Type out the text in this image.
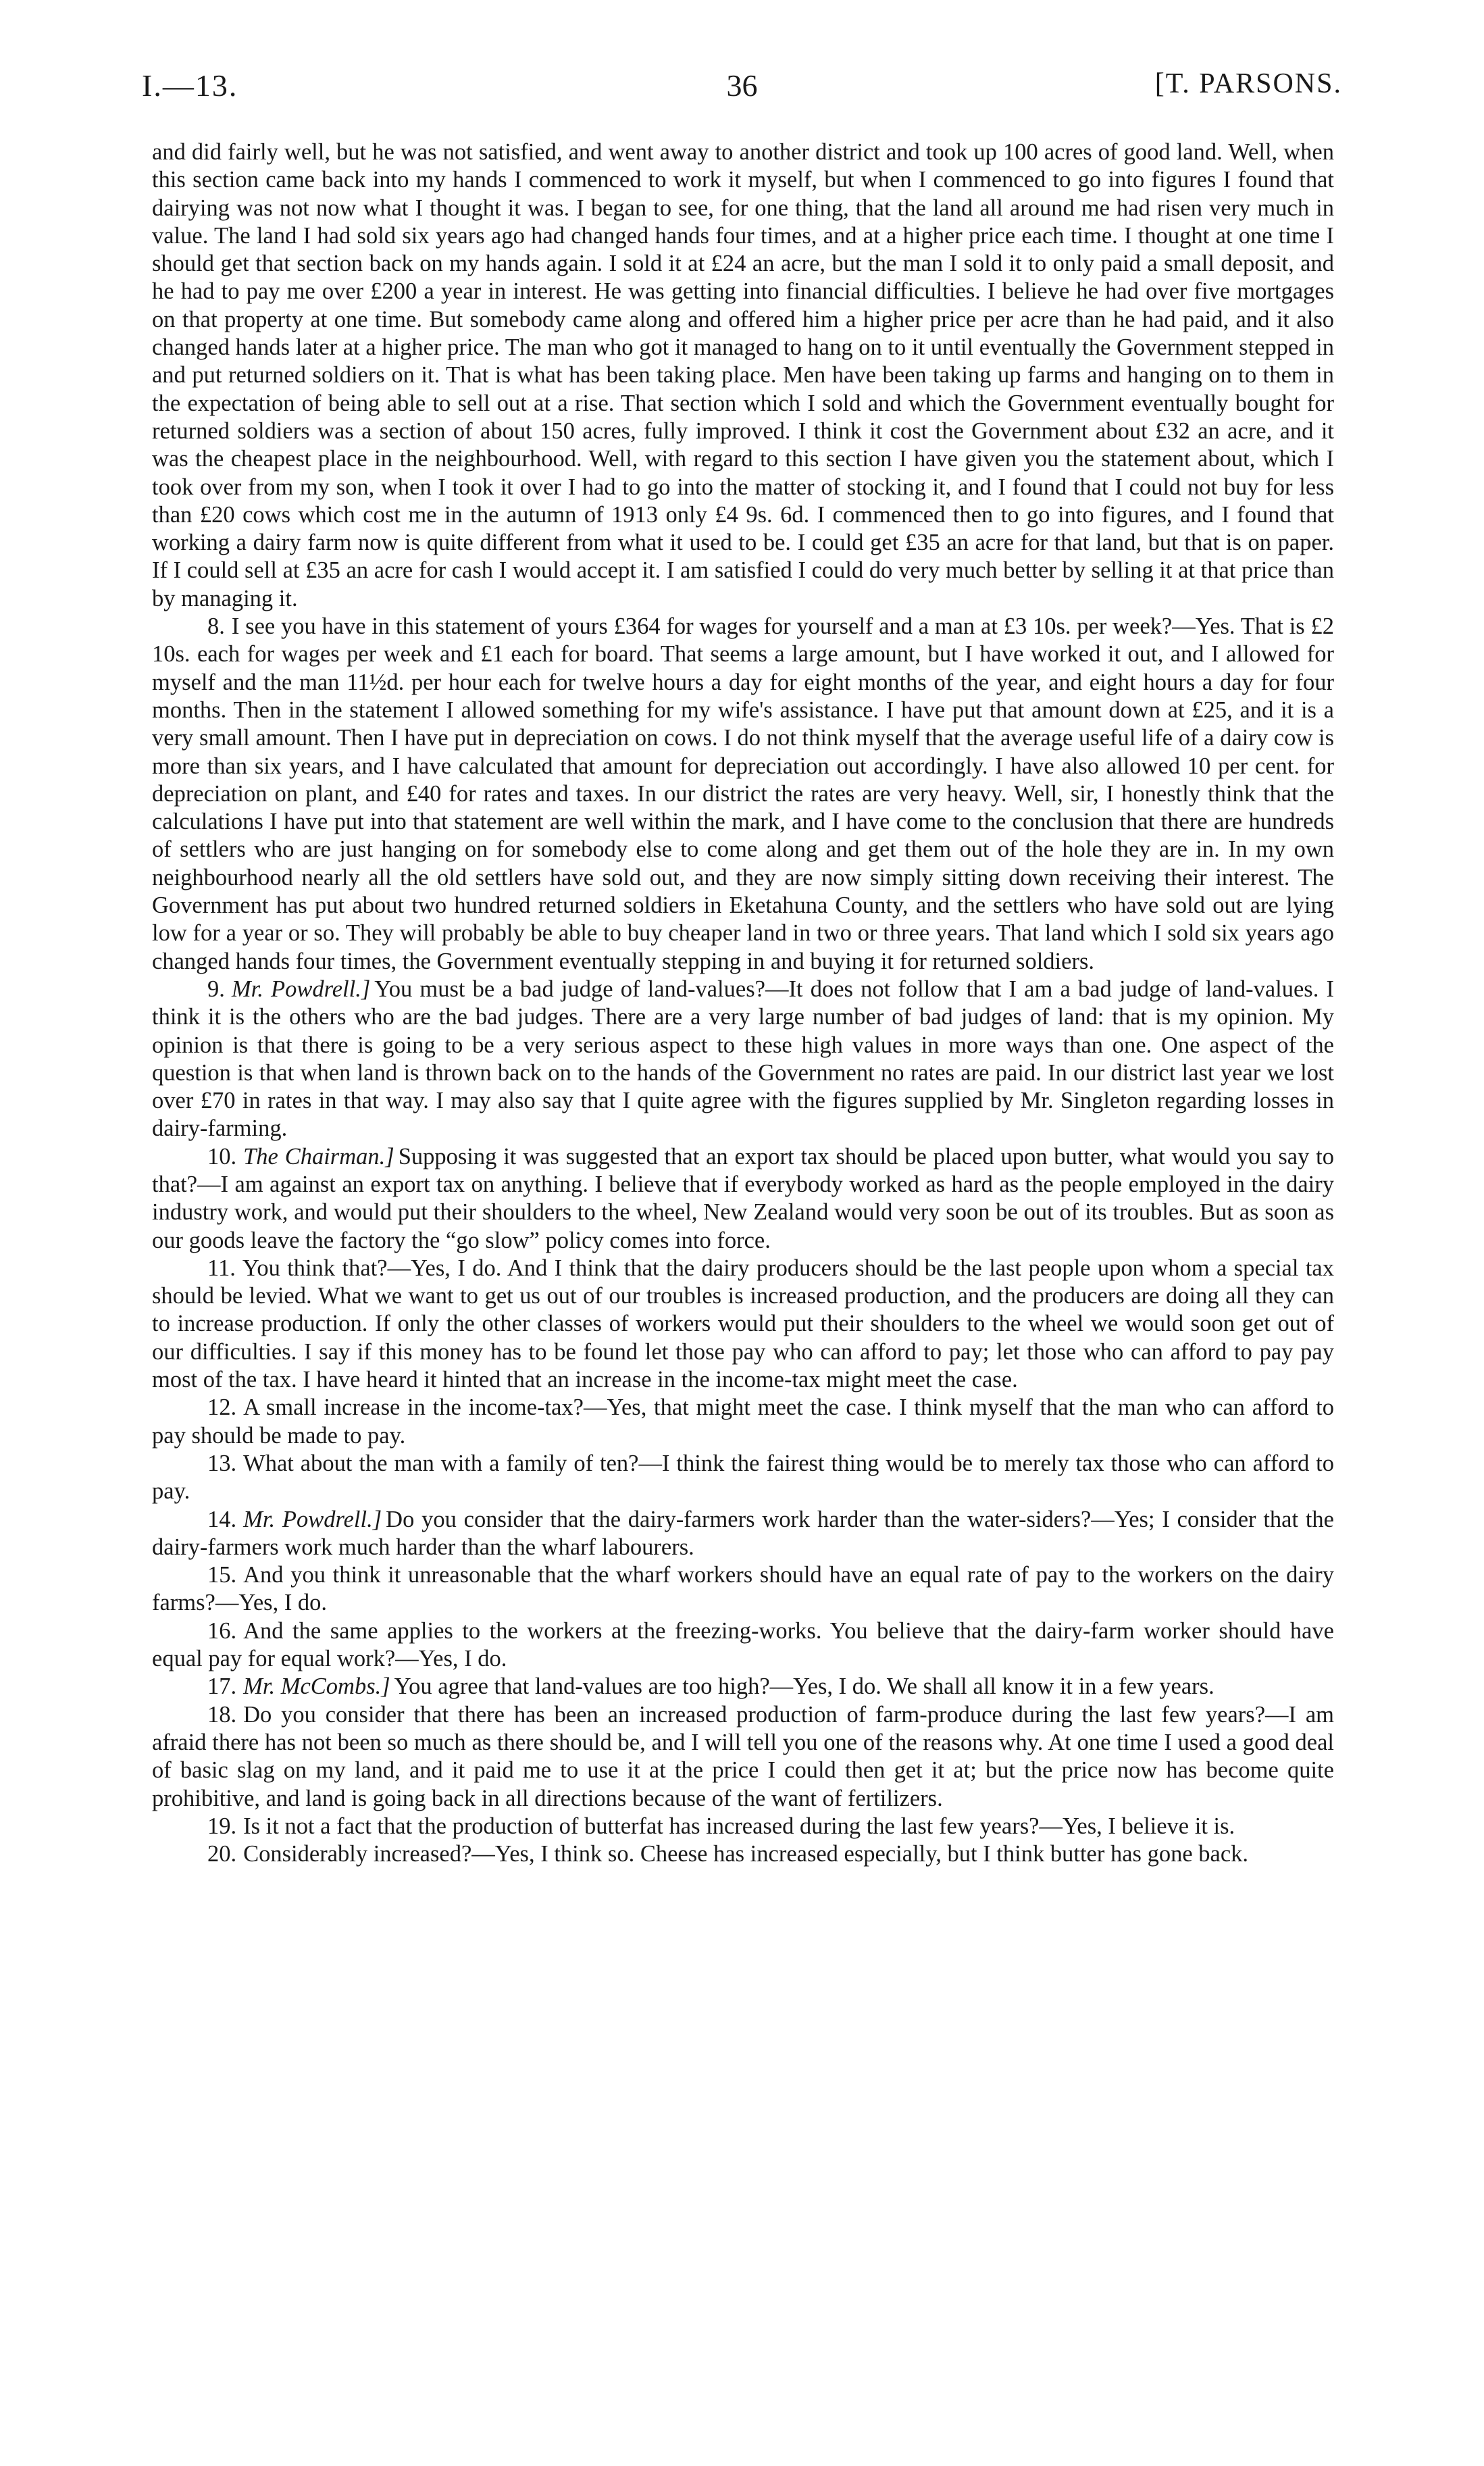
I.—13.	36	[T. PARSONS.

and did fairly well, but he was not satisfied, and went away to another district and took up 100 acres of good land. Well, when this section came back into my hands I commenced to work it myself, but when I commenced to go into figures I found that dairying was not now what I thought it was. I began to see, for one thing, that the land all around me had risen very much in value. The land I had sold six years ago had changed hands four times, and at a higher price each time. I thought at one time I should get that section back on my hands again. I sold it at £24 an acre, but the man I sold it to only paid a small deposit, and he had to pay me over £200 a year in interest. He was getting into financial difficulties. I believe he had over five mortgages on that property at one time. But somebody came along and offered him a higher price per acre than he had paid, and it also changed hands later at a higher price. The man who got it managed to hang on to it until eventually the Government stepped in and put returned soldiers on it. That is what has been taking place. Men have been taking up farms and hanging on to them in the expectation of being able to sell out at a rise. That section which I sold and which the Government eventually bought for returned soldiers was a section of about 150 acres, fully improved. I think it cost the Government about £32 an acre, and it was the cheapest place in the neighbourhood. Well, with regard to this section I have given you the statement about, which I took over from my son, when I took it over I had to go into the matter of stocking it, and I found that I could not buy for less than £20 cows which cost me in the autumn of 1913 only £4 9s. 6d. I commenced then to go into figures, and I found that working a dairy farm now is quite different from what it used to be. I could get £35 an acre for that land, but that is on paper. If I could sell at £35 an acre for cash I would accept it. I am satisfied I could do very much better by selling it at that price than by managing it.

8. I see you have in this statement of yours £364 for wages for yourself and a man at £3 10s. per week?—Yes. That is £2 10s. each for wages per week and £1 each for board. That seems a large amount, but I have worked it out, and I allowed for myself and the man 11½d. per hour each for twelve hours a day for eight months of the year, and eight hours a day for four months. Then in the statement I allowed something for my wife's assistance. I have put that amount down at £25, and it is a very small amount. Then I have put in depreciation on cows. I do not think myself that the average useful life of a dairy cow is more than six years, and I have calculated that amount for depreciation out accordingly. I have also allowed 10 per cent. for depreciation on plant, and £40 for rates and taxes. In our district the rates are very heavy. Well, sir, I honestly think that the calculations I have put into that statement are well within the mark, and I have come to the conclusion that there are hundreds of settlers who are just hanging on for somebody else to come along and get them out of the hole they are in. In my own neighbourhood nearly all the old settlers have sold out, and they are now simply sitting down receiving their interest. The Government has put about two hundred returned soldiers in Eketahuna County, and the settlers who have sold out are lying low for a year or so. They will probably be able to buy cheaper land in two or three years. That land which I sold six years ago changed hands four times, the Government eventually stepping in and buying it for returned soldiers.

9. Mr. Powdrell.] You must be a bad judge of land-values?—It does not follow that I am a bad judge of land-values. I think it is the others who are the bad judges. There are a very large number of bad judges of land: that is my opinion. My opinion is that there is going to be a very serious aspect to these high values in more ways than one. One aspect of the question is that when land is thrown back on to the hands of the Government no rates are paid. In our district last year we lost over £70 in rates in that way. I may also say that I quite agree with the figures supplied by Mr. Singleton regarding losses in dairy-farming.

10. The Chairman.] Supposing it was suggested that an export tax should be placed upon butter, what would you say to that?—I am against an export tax on anything. I believe that if everybody worked as hard as the people employed in the dairy industry work, and would put their shoulders to the wheel, New Zealand would very soon be out of its troubles. But as soon as our goods leave the factory the “go slow” policy comes into force.

11. You think that?—Yes, I do. And I think that the dairy producers should be the last people upon whom a special tax should be levied. What we want to get us out of our troubles is increased production, and the producers are doing all they can to increase production. If only the other classes of workers would put their shoulders to the wheel we would soon get out of our difficulties. I say if this money has to be found let those pay who can afford to pay; let those who can afford to pay pay most of the tax. I have heard it hinted that an increase in the income-tax might meet the case.

12. A small increase in the income-tax?—Yes, that might meet the case. I think myself that the man who can afford to pay should be made to pay.

13. What about the man with a family of ten?—I think the fairest thing would be to merely tax those who can afford to pay.

14. Mr. Powdrell.] Do you consider that the dairy-farmers work harder than the water-siders?—Yes; I consider that the dairy-farmers work much harder than the wharf labourers.

15. And you think it unreasonable that the wharf workers should have an equal rate of pay to the workers on the dairy farms?—Yes, I do.

16. And the same applies to the workers at the freezing-works. You believe that the dairy-farm worker should have equal pay for equal work?—Yes, I do.

17. Mr. McCombs.] You agree that land-values are too high?—Yes, I do. We shall all know it in a few years.

18. Do you consider that there has been an increased production of farm-produce during the last few years?—I am afraid there has not been so much as there should be, and I will tell you one of the reasons why. At one time I used a good deal of basic slag on my land, and it paid me to use it at the price I could then get it at; but the price now has become quite prohibitive, and land is going back in all directions because of the want of fertilizers.

19. Is it not a fact that the production of butterfat has increased during the last few years?—Yes, I believe it is.

20. Considerably increased?—Yes, I think so. Cheese has increased especially, but I think butter has gone back.
